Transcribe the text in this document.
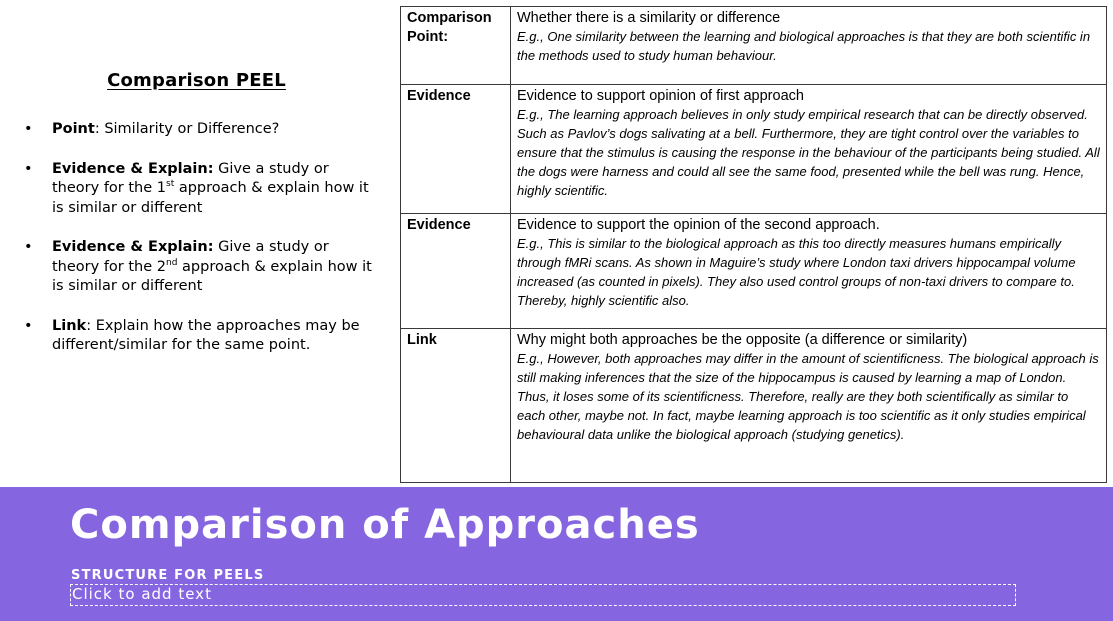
Comparison PEEL
• Point: Similarity or Difference?
• Evidence & Explain: Give a study or theory for the 1st approach & explain how it is similar or different
• Evidence & Explain: Give a study or theory for the 2nd approach & explain how it is similar or different
• Link: Explain how the approaches may be different/similar for the same point.
Comparison Point:	Whether there is a similarity or difference
E.g., One similarity between the learning and biological approaches is that they are both scientific in the methods used to study human behaviour.

Evidence	Evidence to support opinion of first approach
E.g., The learning approach believes in only study empirical research that can be directly observed. Such as Pavlov’s dogs salivating at a bell. Furthermore, they are tight control over the variables to ensure that the stimulus is causing the response in the behaviour of the participants being studied. All the dogs were harness and could all see the same food, presented while the bell was rung. Hence, highly scientific.

Evidence	Evidence to support the opinion of the second approach.
E.g., This is similar to the biological approach as this too directly measures humans empirically through fMRi scans. As shown in Maguire’s study where London taxi drivers hippocampal volume increased (as counted in pixels). They also used control groups of non-taxi drivers to compare to. Thereby, highly scientific also.

Link	Why might both approaches be the opposite (a difference or similarity)
E.g., However, both approaches may differ in the amount of scientificness. The biological approach is still making inferences that the size of the hippocampus is caused by learning a map of London. Thus, it loses some of its scientificness. Therefore, really are they both scientifically as similar to each other, maybe not. In fact, maybe learning approach is too scientific as it only studies empirical behavioural data unlike the biological approach (studying genetics).
Comparison of Approaches
STRUCTURE FOR PEELS
Click to add text
